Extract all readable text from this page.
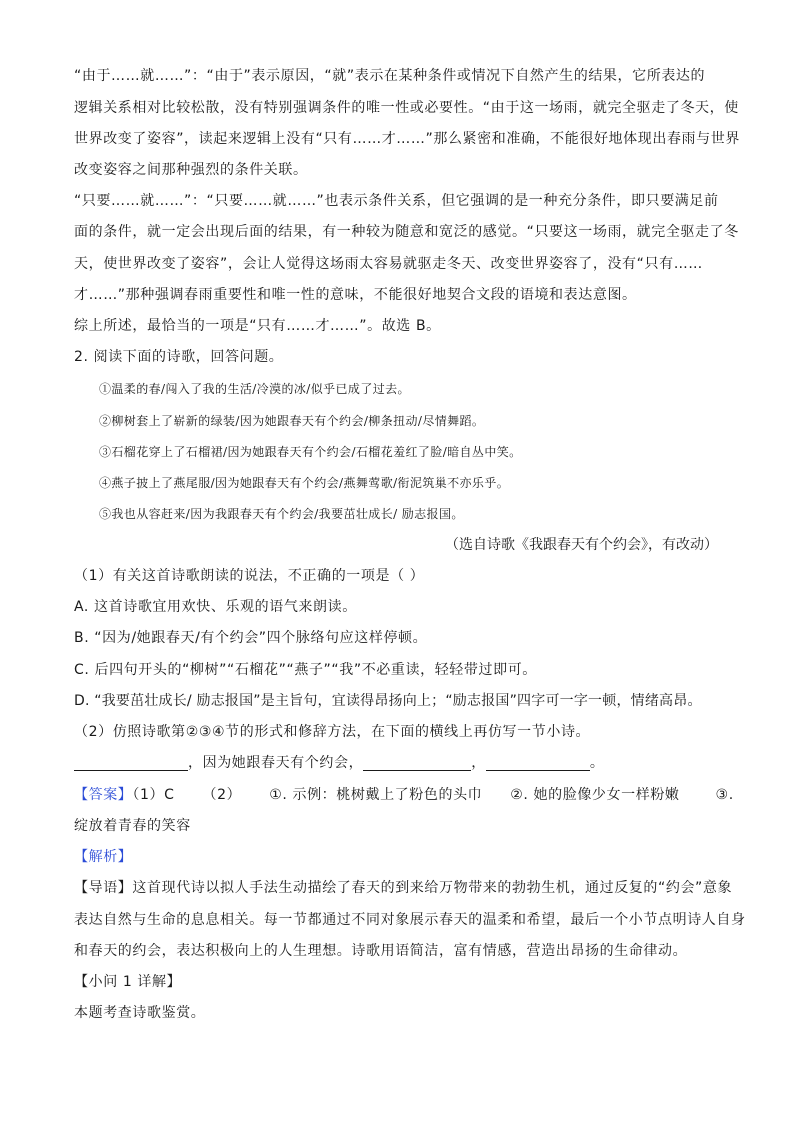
“由于……就……”：“由于”表示原因，“就”表示在某种条件或情况下自然产生的结果，它所表达的
逻辑关系相对比较松散，没有特别强调条件的唯一性或必要性。“由于这一场雨，就完全驱走了冬天，使
世界改变了姿容”，读起来逻辑上没有“只有……才……”那么紧密和准确，不能很好地体现出春雨与世界
改变姿容之间那种强烈的条件关联。
“只要……就……”：“只要……就……”也表示条件关系，但它强调的是一种充分条件，即只要满足前
面的条件，就一定会出现后面的结果，有一种较为随意和宽泛的感觉。“只要这一场雨，就完全驱走了冬
天，使世界改变了姿容”，会让人觉得这场雨太容易就驱走冬天、改变世界姿容了，没有“只有……
才……”那种强调春雨重要性和唯一性的意味，不能很好地契合文段的语境和表达意图。
综上所述，最恰当的一项是“只有……才……”。故选 B。
2. 阅读下面的诗歌，回答问题。
①温柔的春/闯入了我的生活/冷漠的冰/似乎已成了过去。
②柳树套上了崭新的绿装/因为她跟春天有个约会/柳条扭动/尽情舞蹈。
③石榴花穿上了石榴裙/因为她跟春天有个约会/石榴花羞红了脸/暗自丛中笑。
④燕子披上了燕尾服/因为她跟春天有个约会/燕舞莺歌/衔泥筑巢不亦乐乎。
⑤我也从容赶来/因为我跟春天有个约会/我要茁壮成长/ 励志报国。
（选自诗歌《我跟春天有个约会》，有改动）
（1）有关这首诗歌朗读的说法，不正确的一项是（ ）
A. 这首诗歌宜用欢快、乐观的语气来朗读。
B. “因为/她跟春天/有个约会”四个脉络句应这样停顿。
C. 后四句开头的“柳树”“石榴花”“燕子”“我”不必重读，轻轻带过即可。
D. “我要茁壮成长/ 励志报国”是主旨句，宜读得昂扬向上；“励志报国”四字可一字一顿，情绪高昂。
（2）仿照诗歌第②③④节的形式和修辞方法，在下面的横线上再仿写一节小诗。
，因为她跟春天有个约会，	，	。
【答案】（1）C （2） ①. 示例：桃树戴上了粉色的头巾 ②. 她的脸像少女一样粉嫩	③.
绽放着青春的笑容
【解析】
【导语】这首现代诗以拟人手法生动描绘了春天的到来给万物带来的勃勃生机，通过反复的“约会”意象
表达自然与生命的息息相关。每一节都通过不同对象展示春天的温柔和希望，最后一个小节点明诗人自身
和春天的约会，表达积极向上的人生理想。诗歌用语简洁，富有情感，营造出昂扬的生命律动。
【小问 1 详解】
本题考查诗歌鉴赏。
